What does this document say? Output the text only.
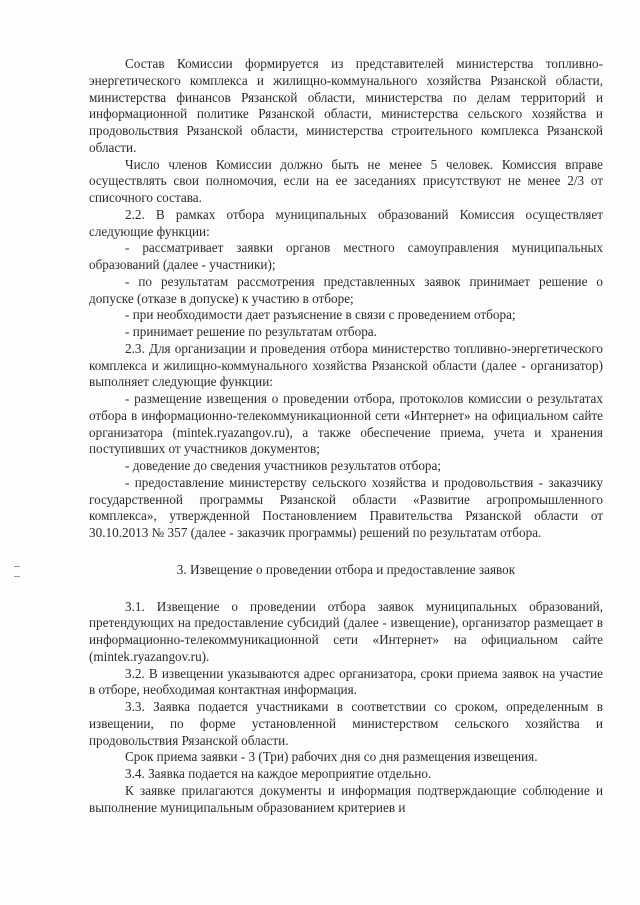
Состав Комиссии формируется из представителей министерства топливно-энергетического комплекса и жилищно-коммунального хозяйства Рязанской области, министерства финансов Рязанской области, министерства по делам территорий и информационной политике Рязанской области, министерства сельского хозяйства и продовольствия Рязанской области, министерства строительного комплекса Рязанской области.

Число членов Комиссии должно быть не менее 5 человек. Комиссия вправе осуществлять свои полномочия, если на ее заседаниях присутствуют не менее 2/3 от списочного состава.

2.2. В рамках отбора муниципальных образований Комиссия осуществляет следующие функции:

- рассматривает заявки органов местного самоуправления муниципальных образований (далее - участники);

- по результатам рассмотрения представленных заявок принимает решение о допуске (отказе в допуске) к участию в отборе;

- при необходимости дает разъяснение в связи с проведением отбора;

- принимает решение по результатам отбора.

2.3. Для организации и проведения отбора министерство топливно-энергетического комплекса и жилищно-коммунального хозяйства Рязанской области (далее - организатор) выполняет следующие функции:

- размещение извещения о проведении отбора, протоколов комиссии о результатах отбора в информационно-телекоммуникационной сети «Интернет» на официальном сайте организатора (mintek.ryazangov.ru), а также обеспечение приема, учета и хранения поступивших от участников документов;

- доведение до сведения участников результатов отбора;

- предоставление министерству сельского хозяйства и продовольствия - заказчику государственной программы Рязанской области «Развитие агропромышленного комплекса», утвержденной Постановлением Правительства Рязанской области от 30.10.2013 № 357 (далее - заказчик программы) решений по результатам отбора.

3. Извещение о проведении отбора и предоставление заявок

3.1. Извещение о проведении отбора заявок муниципальных образований, претендующих на предоставление субсидий (далее - извещение), организатор размещает в информационно-телекоммуникационной сети «Интернет» на официальном сайте (mintek.ryazangov.ru).

3.2. В извещении указываются адрес организатора, сроки приема заявок на участие в отборе, необходимая контактная информация.

3.3. Заявка подается участниками в соответствии со сроком, определенным в извещении, по форме установленной министерством сельского хозяйства и продовольствия Рязанской области.

Срок приема заявки - 3 (Три) рабочих дня со дня размещения извещения.

3.4. Заявка подается на каждое мероприятие отдельно.

К заявке прилагаются документы и информация подтверждающие соблюдение и выполнение муниципальным образованием критериев и
